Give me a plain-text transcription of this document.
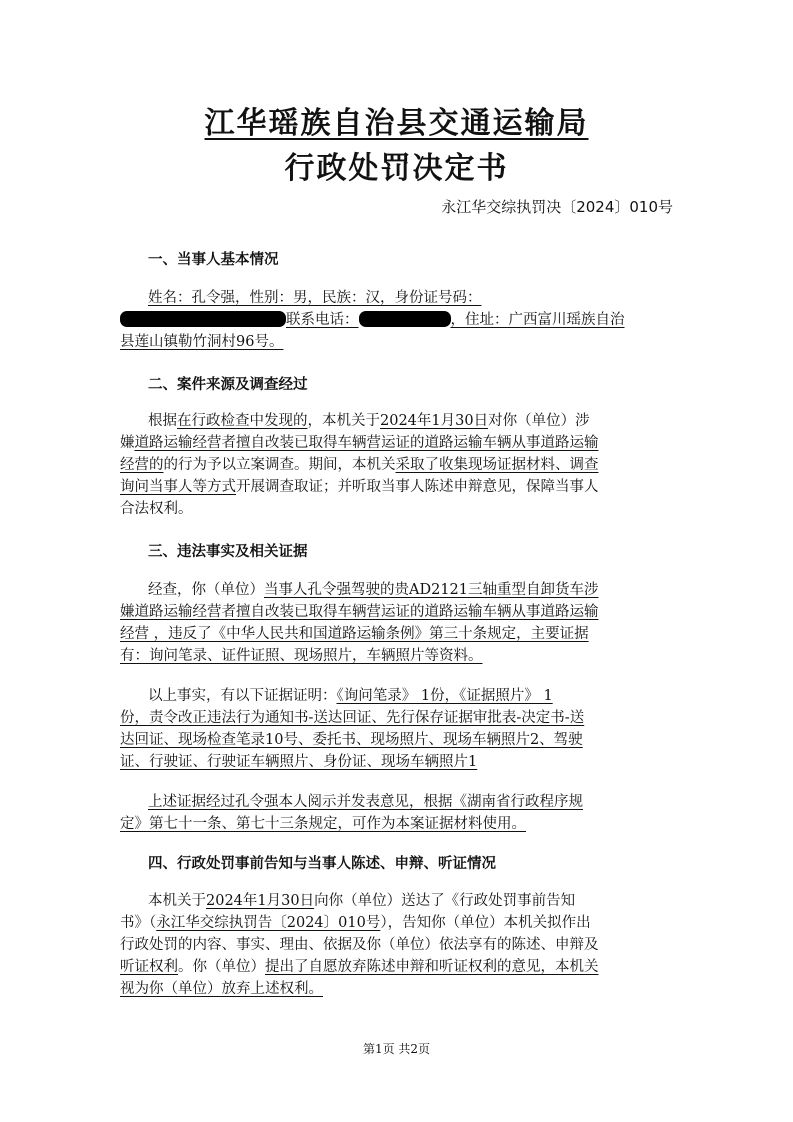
江华瑶族自治县交通运输局
行政处罚决定书
永江华交综执罚决〔2024〕010号
一、当事人基本情况
姓名：孔令强，性别：男，民族：汉，身份证号码：
联系电话：	，住址：广西富川瑶族自治
县莲山镇勒竹洞村96号。
二、案件来源及调查经过
根据在行政检查中发现的，本机关于2024年1月30日对你（单位）涉
嫌道路运输经营者擅自改装已取得车辆营运证的道路运输车辆从事道路运输
经营的的行为予以立案调查。期间，本机关采取了收集现场证据材料、调查
询问当事人等方式开展调查取证；并听取当事人陈述申辩意见，保障当事人
合法权利。
三、违法事实及相关证据
经查，你（单位）当事人孔令强驾驶的贵AD2121三轴重型自卸货车涉
嫌道路运输经营者擅自改装已取得车辆营运证的道路运输车辆从事道路运输
经营 ，违反了《中华人民共和国道路运输条例》第三十条规定，主要证据
有：询问笔录、证件证照、现场照片，车辆照片等资料。
以上事实，有以下证据证明：《询问笔录》 1份，《证据照片》 1
份，责令改正违法行为通知书-送达回证、先行保存证据审批表-决定书-送
达回证、现场检查笔录10号、委托书、现场照片、现场车辆照片2、驾驶
证、行驶证、行驶证车辆照片、身份证、现场车辆照片1
上述证据经过孔令强本人阅示并发表意见，根据《湖南省行政程序规
定》第七十一条、第七十三条规定，可作为本案证据材料使用。
四、行政处罚事前告知与当事人陈述、申辩、听证情况
本机关于2024年1月30日向你（单位）送达了《行政处罚事前告知
书》（永江华交综执罚告〔2024〕010号），告知你（单位）本机关拟作出
行政处罚的内容、事实、理由、依据及你（单位）依法享有的陈述、申辩及
听证权利。你（单位）提出了自愿放弃陈述申辩和听证权利的意见，本机关
视为你（单位）放弃上述权利。
第1页 共2页
